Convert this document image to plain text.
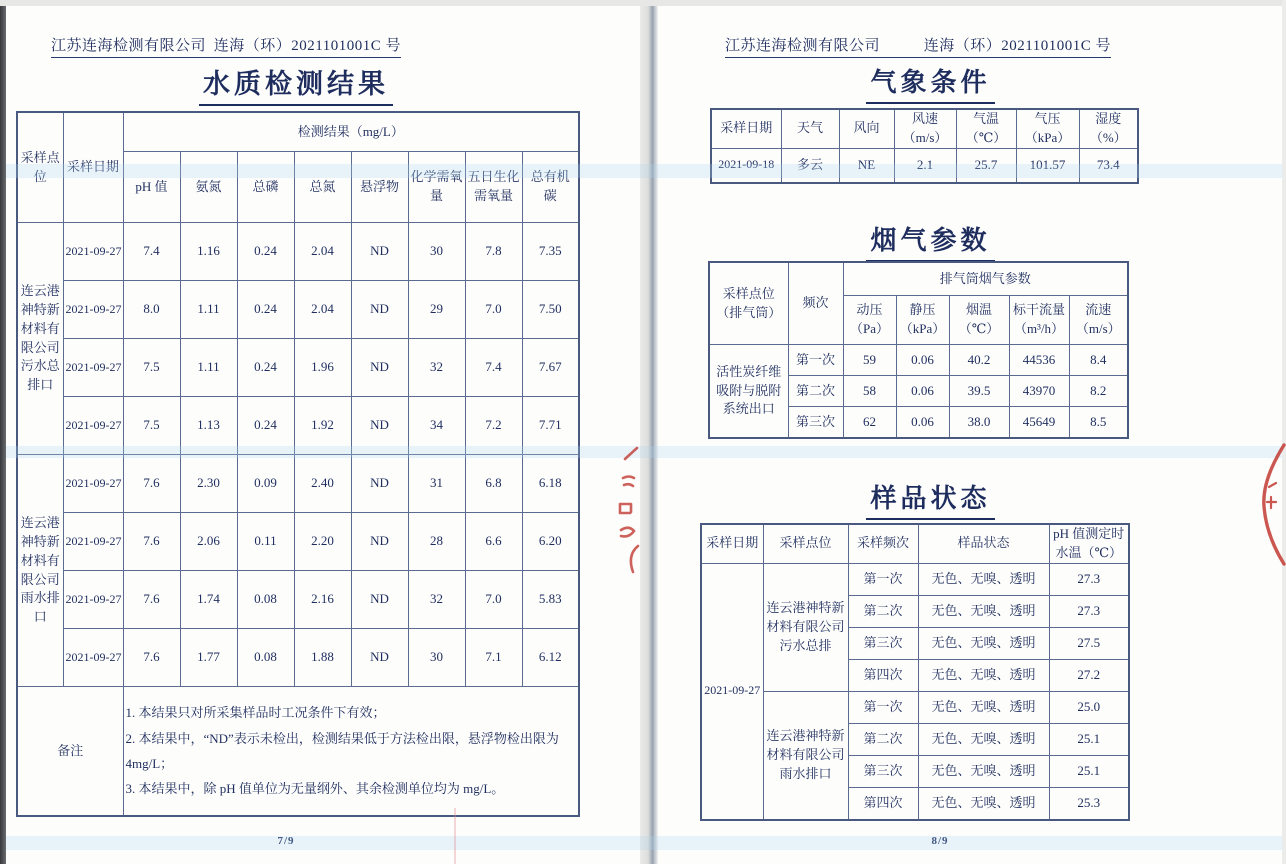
江苏连海检测有限公司 连海（环）2021101001C 号
水质检测结果
采样点位	采样日期	检测结果（mg/L）							
		pH 值	氨氮	总磷	总氮	悬浮物	化学需氧量	五日生化需氧量	总有机碳
连云港神特新材料有限公司污水总排口	2021-09-27	7.4	1.16	0.24	2.04	ND	30	7.8	7.35
	2021-09-27	8.0	1.11	0.24	2.04	ND	29	7.0	7.50
	2021-09-27	7.5	1.11	0.24	1.96	ND	32	7.4	7.67
	2021-09-27	7.5	1.13	0.24	1.92	ND	34	7.2	7.71
连云港神特新材料有限公司雨水排口	2021-09-27	7.6	2.30	0.09	2.40	ND	31	6.8	6.18
	2021-09-27	7.6	2.06	0.11	2.20	ND	28	6.6	6.20
	2021-09-27	7.6	1.74	0.08	2.16	ND	32	7.0	5.83
	2021-09-27	7.6	1.77	0.08	1.88	ND	30	7.1	6.12
备注		1. 本结果只对所采集样品时工况条件下有效；
2. 本结果中，“ND”表示未检出，检测结果低于方法检出限，悬浮物检出限为 4mg/L；
3. 本结果中，除 pH 值单位为无量纲外、其余检测单位均为 mg/L。							
7/9
江苏连海检测有限公司	连海（环）2021101001C 号
气象条件
采样日期	天气	风向	风速（m/s）	气温（℃）	气压（kPa）	湿度（%）
2021-09-18	多云	NE	2.1	25.7	101.57	73.4
烟气参数
采样点位（排气筒）	频次	排气筒烟气参数				
		动压（Pa）	静压（kPa）	烟温（℃）	标干流量（m³/h）	流速（m/s）
活性炭纤维吸附与脱附系统出口	第一次	59	0.06	40.2	44536	8.4
	第二次	58	0.06	39.5	43970	8.2
	第三次	62	0.06	38.0	45649	8.5
样品状态
采样日期	采样点位	采样频次	样品状态	pH 值测定时水温（℃）
2021-09-27	连云港神特新材料有限公司污水总排	第一次	无色、无嗅、透明	27.3
		第二次	无色、无嗅、透明	27.3
		第三次	无色、无嗅、透明	27.5
		第四次	无色、无嗅、透明	27.2
	连云港神特新材料有限公司雨水排口	第一次	无色、无嗅、透明	25.0
		第二次	无色、无嗅、透明	25.1
		第三次	无色、无嗅、透明	25.1
		第四次	无色、无嗅、透明	25.3
8/9
